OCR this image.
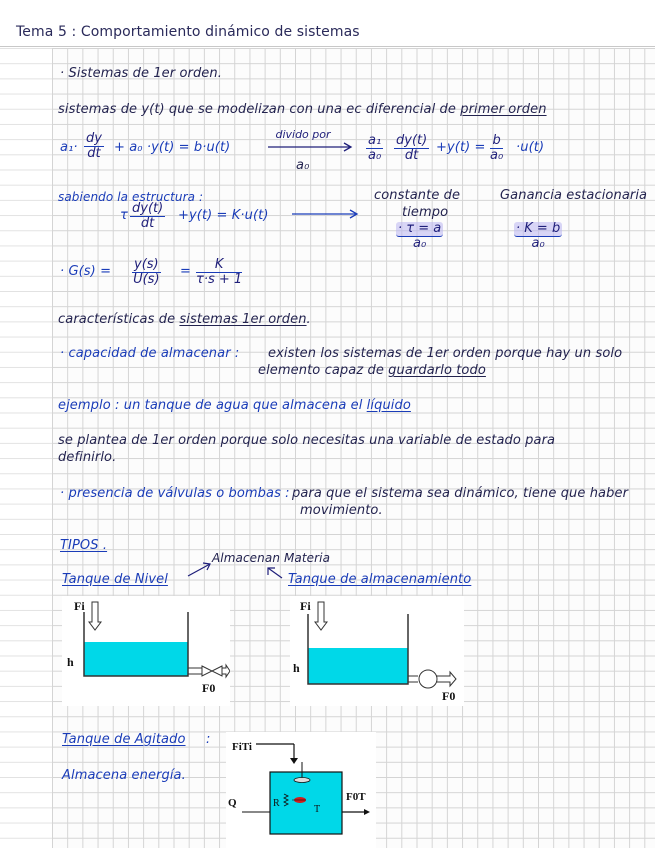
Tema 5 : Comportamiento dinámico de sistemas
· Sistemas de 1er orden.
sistemas de y(t) que se modelizan con una ec diferencial de primer orden
$a_1\cdot \frac{dy}{dt} + a_0 \cdot y(t) = b\cdot u(t)$
divido por
a₀
$\frac{\text{a₁}}{\text{a₀}} \frac{dy(t)}{dt} +y(t) = \frac{b}{\text{a₀}} \cdot u(t)$
sabiendo la estructura :
τ $\frac{dy(t)}{dt} +y(t) = K\cdot u(t)$
constante de
tiempo
$\frac{\cdot \tau = a}{\text{a₀}}$
Ganancia estacionaria
$\frac{\cdot K = b}{\text{a₀}}$
· $G(s) = \frac{y(s)}{U(s)} = \frac{K}{\tau\cdot s + 1}$
características de sistemas 1er orden.
· capacidad de almacenar : existen los sistemas de 1er orden porque hay un solo
elemento capaz de guardarlo todo
ejemplo : un tanque de agua que almacena el líquido
se plantea de 1er orden porque solo necesitas una variable de estado para
definirlo.
· presencia de válvulas o bombas : para que el sistema sea dinámico, tiene que haber
movimiento.
TIPOS .
Almacenan Materia
Tanque de Nivel	Tanque de almacenamiento
Fi
h
F0
Fi
h
F0
Tanque de Agitado :
Almacena energía.
FiTi
Q	R
T
F0T
